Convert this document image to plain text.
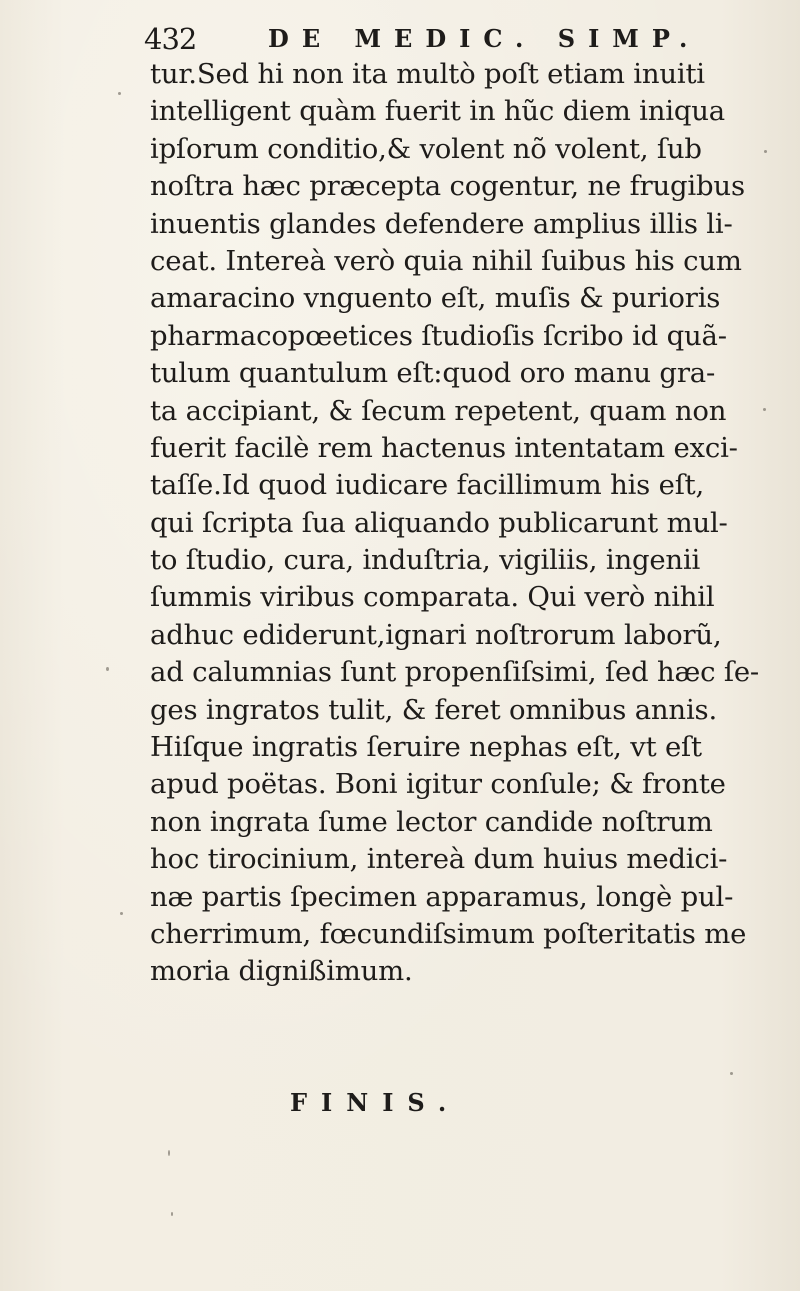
432	DE MEDIC. SIMP.
tur.Sed hi non ita multò poſt etiam inuiti
intelligent quàm fuerit in hũc diem iniqua
ipſorum conditio,& volent nõ volent, ſub
noſtra hæc præcepta cogentur, ne frugibus
inuentis glandes defendere amplius illis li-
ceat. Intereà verò quia nihil ſuibus his cum
amaracino vnguento eſt, muſis & purioris
pharmacopœetices ſtudioſis ſcribo id quã-
tulum quantulum eſt:quod oro manu gra-
ta accipiant, & ſecum repetent, quam non
fuerit facilè rem hactenus intentatam exci-
taſſe.Id quod iudicare facillimum his eſt,
qui ſcripta ſua aliquando publicarunt mul-
to ſtudio, cura, induſtria, vigiliis, ingenii
ſummis viribus comparata. Qui verò nihil
adhuc ediderunt,ignari noſtrorum laborũ,
ad calumnias ſunt propenſiſsimi, ſed hæc ſe-
ges ingratos tulit, & feret omnibus annis.
Hiſque ingratis ſeruire nephas eſt, vt eſt
apud poëtas. Boni igitur conſule; & fronte
non ingrata ſume lector candide noſtrum
hoc tirocinium, intereà dum huius medici-
næ partis ſpecimen apparamus, longè pul-
cherrimum, fœcundiſsimum poſteritatis me
moria dignißimum.
FINIS.
